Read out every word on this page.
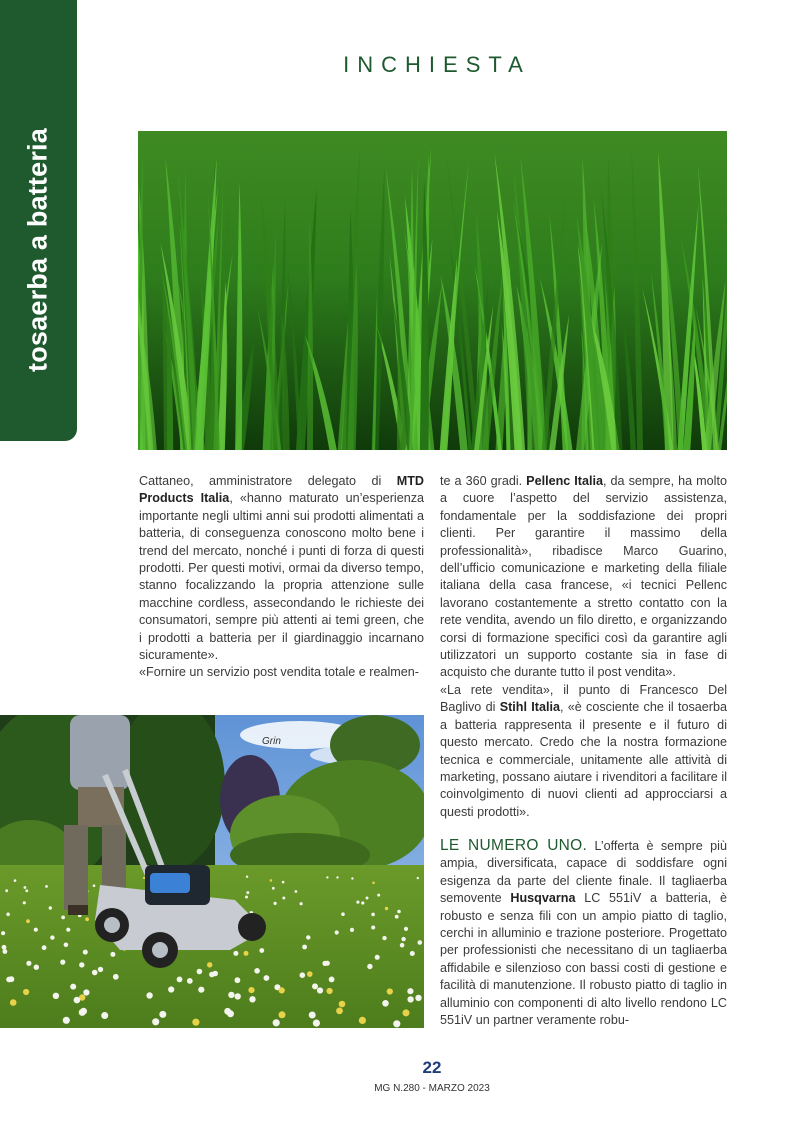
tosaerba a batteria
INCHIESTA

Cattaneo, amministratore delegato di MTD Products Italia, «hanno maturato un’esperienza importante negli ultimi anni sui prodotti alimentati a batteria, di conseguenza conoscono molto bene i trend del mercato, nonché i punti di forza di questi prodotti. Per questi motivi, ormai da diverso tempo, stanno focalizzando la propria attenzione sulle macchine cordless, assecondando le richieste dei consumatori, sempre più attenti ai temi green, che i prodotti a batteria per il giardinaggio incarnano sicuramente».

«Fornire un servizio post vendita totale e realmen-

te a 360 gradi. Pellenc Italia, da sempre, ha molto a cuore l’aspetto del servizio assistenza, fondamentale per la soddisfazione dei propri clienti. Per garantire il massimo della professionalità», ribadisce Marco Guarino, dell’ufficio comunicazione e marketing della filiale italiana della casa francese, «i tecnici Pellenc lavorano costantemente a stretto contatto con la rete vendita, avendo un filo diretto, e organizzando corsi di formazione specifici così da garantire agli utilizzatori un supporto costante sia in fase di acquisto che durante tutto il post vendita».

«La rete vendita», il punto di Francesco Del Baglivo di Stihl Italia, «è cosciente che il tosaerba a batteria rappresenta il presente e il futuro di questo mercato. Credo che la nostra formazione tecnica e commerciale, unitamente alle attività di marketing, possano aiutare i rivenditori a facilitare il coinvolgimento di nuovi clienti ad approcciarsi a questi prodotti».

LE NUMERO UNO. L’offerta è sempre più ampia, diversificata, capace di soddisfare ogni esigenza da parte del cliente finale. Il tagliaerba semovente Husqvarna LC 551iV a batteria, è robusto e senza fili con un ampio piatto di taglio, cerchi in alluminio e trazione posteriore. Progettato per professionisti che necessitano di un tagliaerba affidabile e silenzioso con bassi costi di gestione e facilità di manutenzione. Il robusto piatto di taglio in alluminio con componenti di alto livello rendono LC 551iV un partner veramente robu-

Grin
22
MG N.280 - MARZO 2023
